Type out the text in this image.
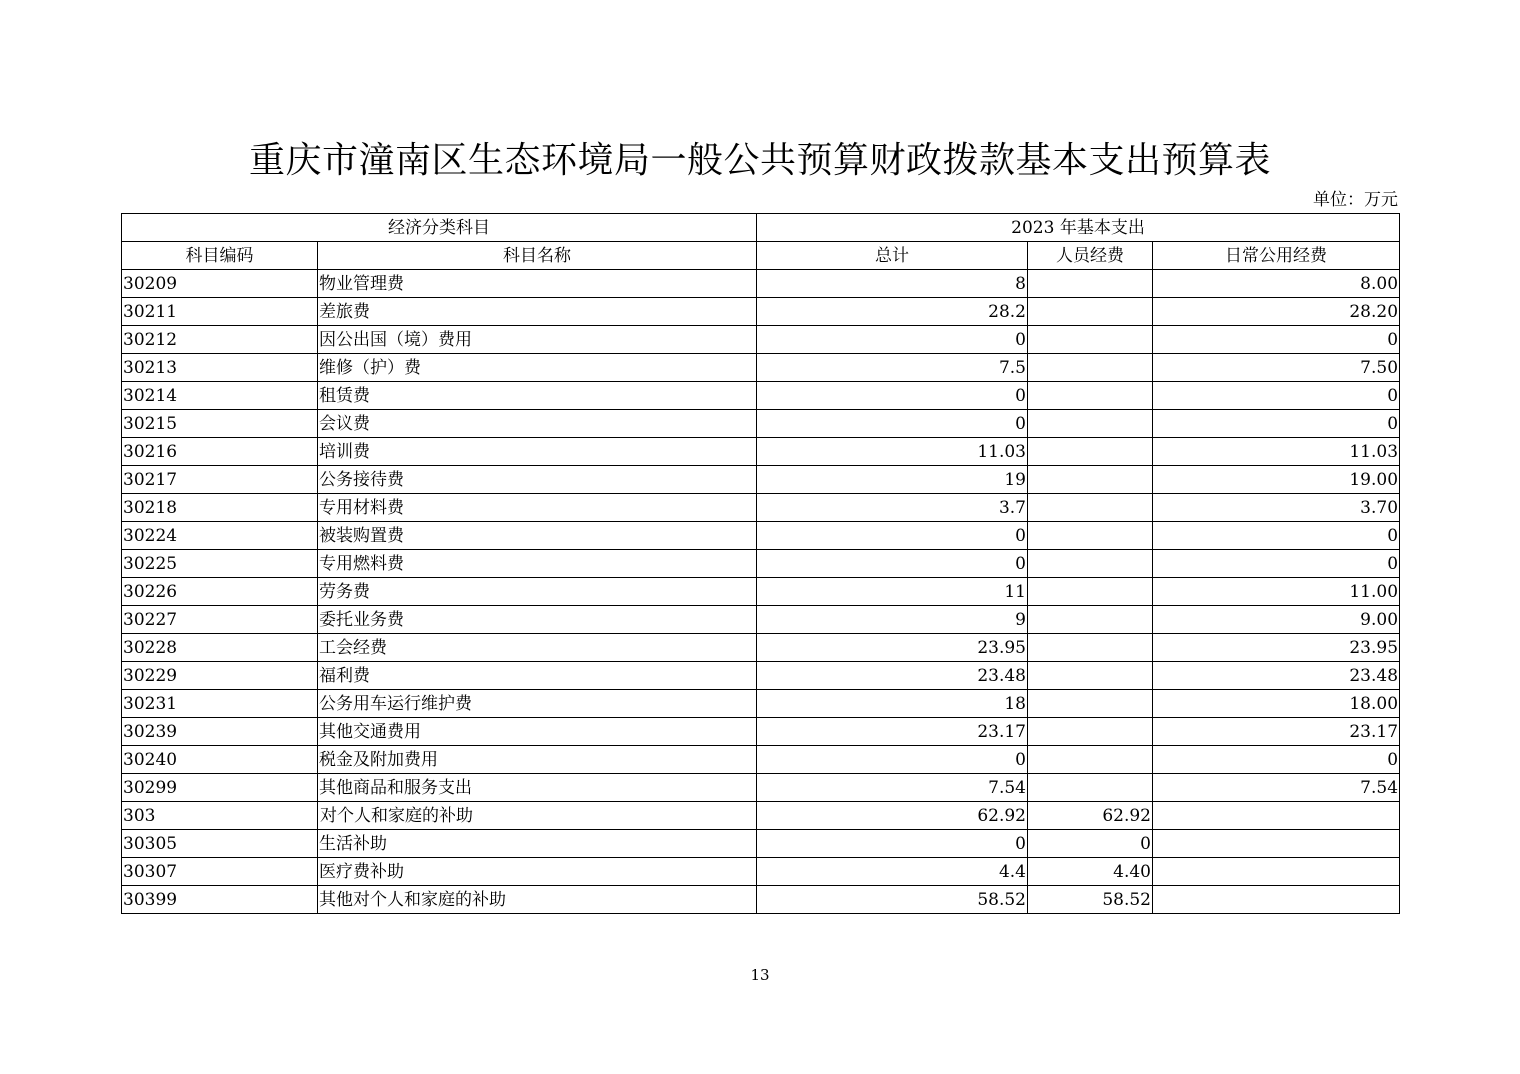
重庆市潼南区生态环境局一般公共预算财政拨款基本支出预算表
单位：万元
经济分类科目		2023 年基本支出		
科目编码	科目名称	总计	人员经费	日常公用经费
30209	物业管理费	8		8.00
30211	差旅费	28.2		28.20
30212	因公出国（境）费用	0		0
30213	维修（护）费	7.5		7.50
30214	租赁费	0		0
30215	会议费	0		0
30216	培训费	11.03		11.03
30217	公务接待费	19		19.00
30218	专用材料费	3.7		3.70
30224	被装购置费	0		0
30225	专用燃料费	0		0
30226	劳务费	11		11.00
30227	委托业务费	9		9.00
30228	工会经费	23.95		23.95
30229	福利费	23.48		23.48
30231	公务用车运行维护费	18		18.00
30239	其他交通费用	23.17		23.17
30240	税金及附加费用	0		0
30299	其他商品和服务支出	7.54		7.54
303	对个人和家庭的补助	62.92	62.92	
30305	生活补助	0	0	
30307	医疗费补助	4.4	4.40	
30399	其他对个人和家庭的补助	58.52	58.52	
13
